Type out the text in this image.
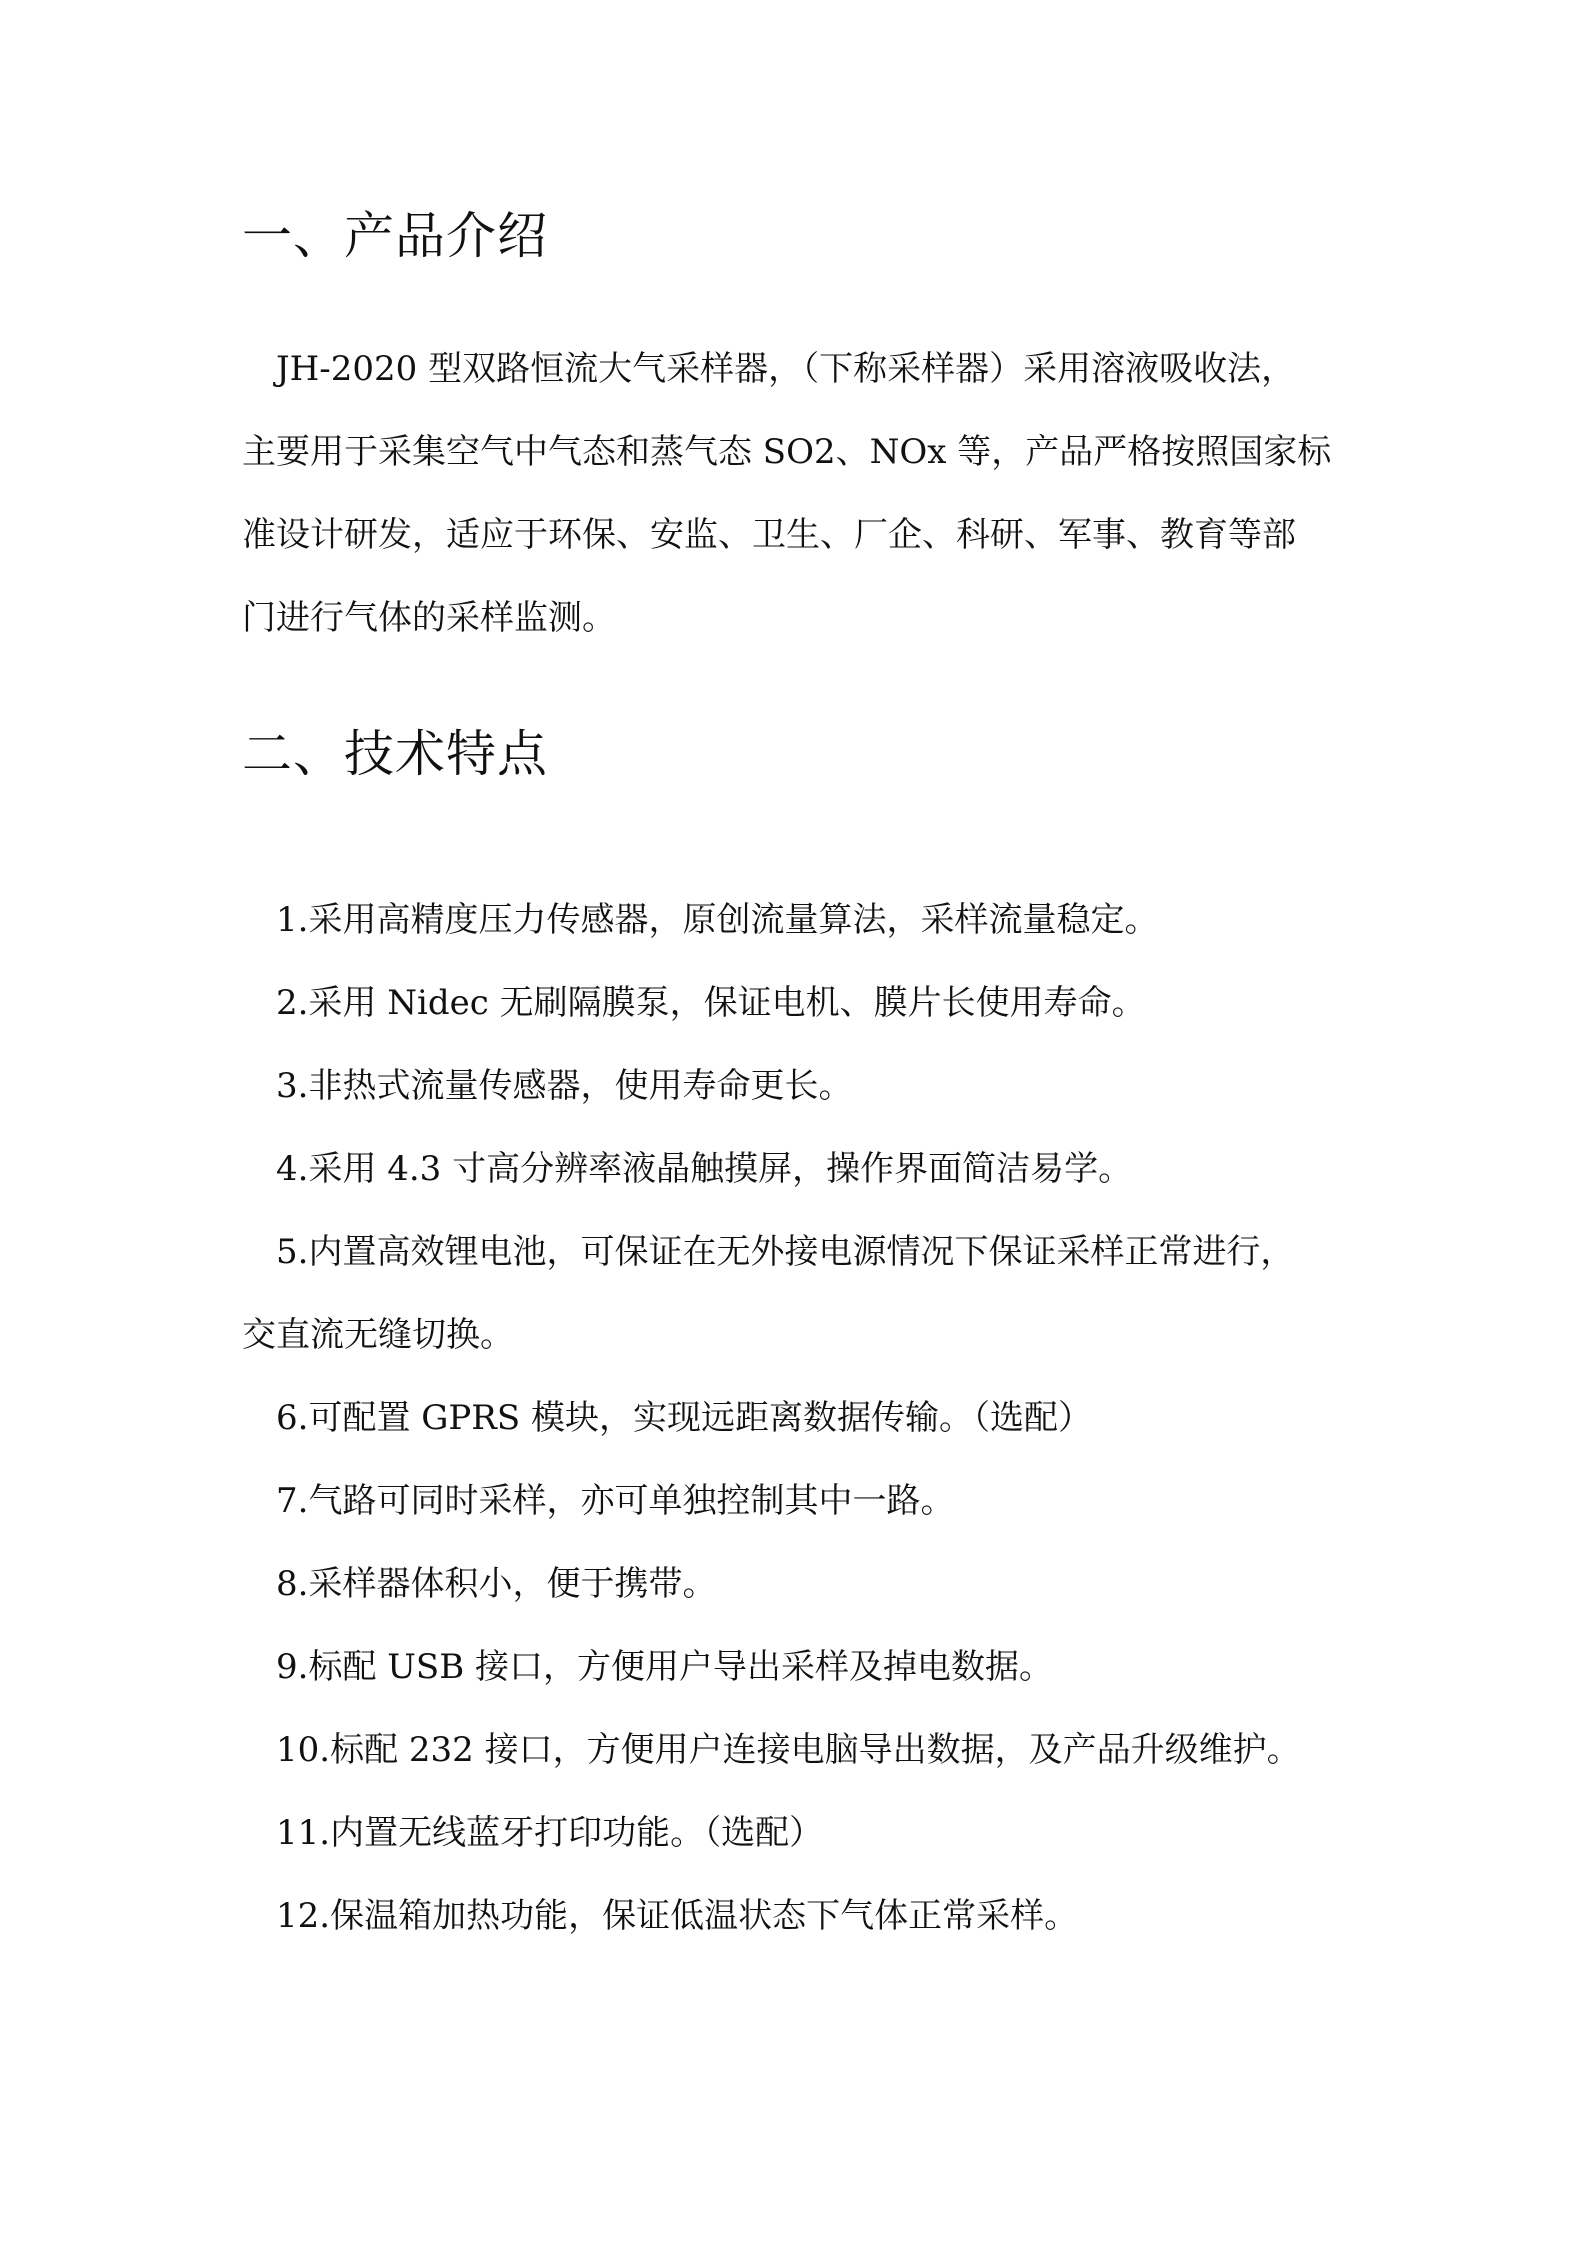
一、产品介绍

JH-2020 型双路恒流大气采样器，（下称采样器）采用溶液吸收法，

主要用于采集空气中气态和蒸气态 SO2、NOx 等，产品严格按照国家标

准设计研发，适应于环保、安监、卫生、厂企、科研、军事、教育等部

门进行气体的采样监测。

二、技术特点

1.采用高精度压力传感器，原创流量算法，采样流量稳定。

2.采用 Nidec 无刷隔膜泵，保证电机、膜片长使用寿命。

3.非热式流量传感器，使用寿命更长。

4.采用 4.3 寸高分辨率液晶触摸屏，操作界面简洁易学。

5.内置高效锂电池，可保证在无外接电源情况下保证采样正常进行，

交直流无缝切换。

6.可配置 GPRS 模块，实现远距离数据传输。（选配）

7.气路可同时采样，亦可单独控制其中一路。

8.采样器体积小，便于携带。

9.标配 USB 接口，方便用户导出采样及掉电数据。

10.标配 232 接口，方便用户连接电脑导出数据，及产品升级维护。

11.内置无线蓝牙打印功能。（选配）

12.保温箱加热功能，保证低温状态下气体正常采样。
